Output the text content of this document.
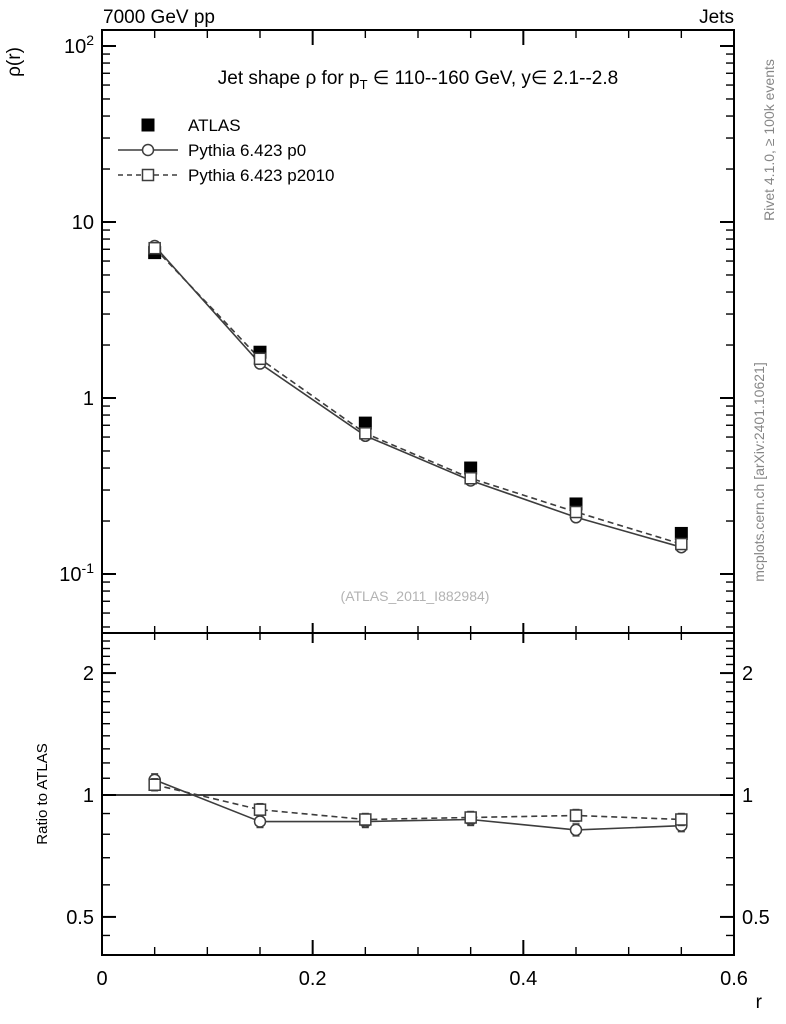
$10^2$
10
1
$10^{-1}$
2	2
1	1
0.5	0.5
0	0.2	0.4	0.6
7000 GeV pp	Jets
ρ(r)
Jet shape ρ for $p_T$ ∈ 110--160 GeV, y∈ 2.1--2.8
ATLAS
Pythia 6.423 p0
Pythia 6.423 p2010
(ATLAS_2011_I882984)
Ratio to ATLAS
r
Rivet 4.1.0, ≥ 100k events
mcplots.cern.ch [arXiv:2401.10621]
